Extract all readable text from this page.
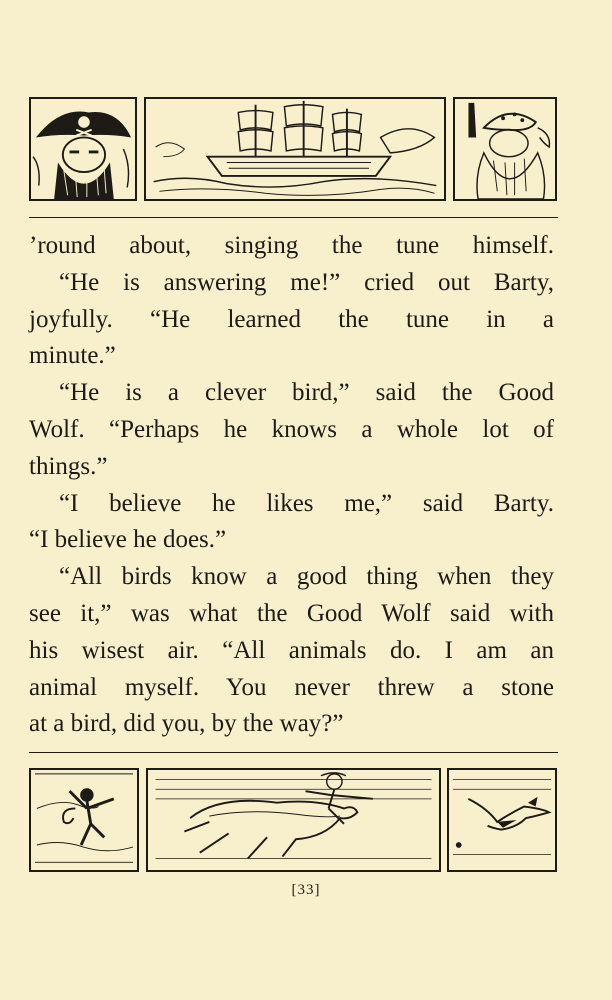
’round about, singing the tune himself.
“He is answering me!” cried out Barty,
joyfully. “He learned the tune in a
minute.”
“He is a clever bird,” said the Good
Wolf. “Perhaps he knows a whole lot of
things.”
“I believe he likes me,” said Barty.
“I believe he does.”
“All birds know a good thing when they
see it,” was what the Good Wolf said with
his wisest air. “All animals do. I am an
animal myself. You never threw a stone
at a bird, did you, by the way?”
[33]
